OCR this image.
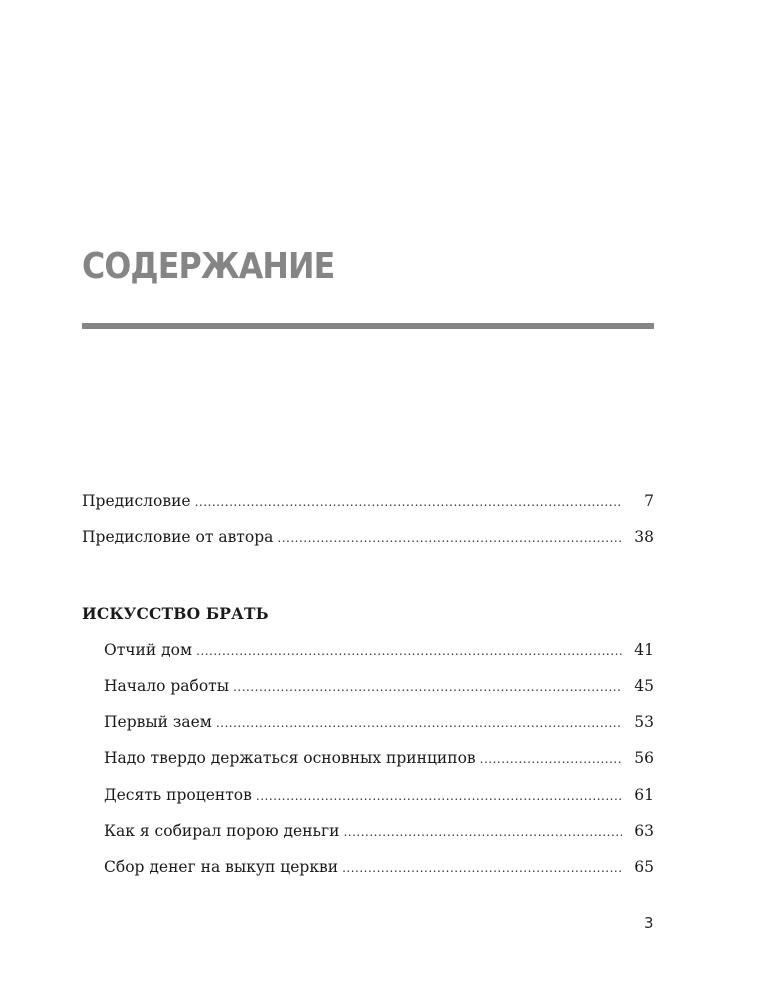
СОДЕРЖАНИЕ
Предисловие .....	7
Предисловие от автора .....	38
ИСКУССТВО БРАТЬ
Отчий дом .....	41
Начало работы .....	45
Первый заем .....	53
Надо твердо держаться основных принципов .....	56
Десять процентов .....	61
Как я собирал порою деньги .....	63
Сбор денег на выкуп церкви .....	65
3
